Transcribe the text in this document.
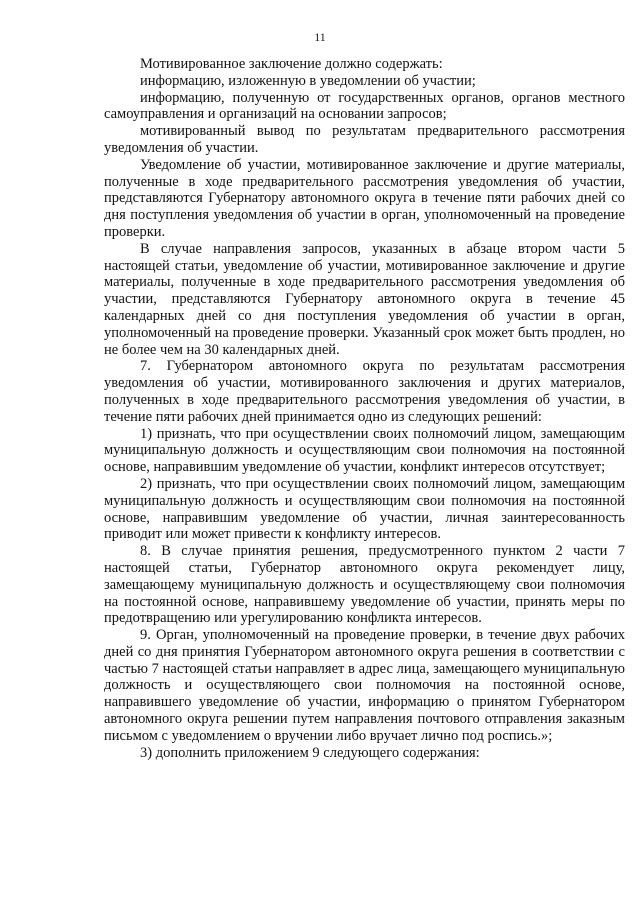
11

Мотивированное заключение должно содержать:

информацию, изложенную в уведомлении об участии;

информацию, полученную от государственных органов, органов местного самоуправления и организаций на основании запросов;

мотивированный вывод по результатам предварительного рассмотрения уведомления об участии.

Уведомление об участии, мотивированное заключение и другие материалы, полученные в ходе предварительного рассмотрения уведомления об участии, представляются Губернатору автономного округа в течение пяти рабочих дней со дня поступления уведомления об участии в орган, уполномоченный на проведение проверки.

В случае направления запросов, указанных в абзаце втором части 5 настоящей статьи, уведомление об участии, мотивированное заключение и другие материалы, полученные в ходе предварительного рассмотрения уведомления об участии, представляются Губернатору автономного округа в течение 45 календарных дней со дня поступления уведомления об участии в орган, уполномоченный на проведение проверки. Указанный срок может быть продлен, но не более чем на 30 календарных дней.

7. Губернатором автономного округа по результатам рассмотрения уведомления об участии, мотивированного заключения и других материалов, полученных в ходе предварительного рассмотрения уведомления об участии, в течение пяти рабочих дней принимается одно из следующих решений:

1) признать, что при осуществлении своих полномочий лицом, замещающим муниципальную должность и осуществляющим свои полномочия на постоянной основе, направившим уведомление об участии, конфликт интересов отсутствует;

2) признать, что при осуществлении своих полномочий лицом, замещающим муниципальную должность и осуществляющим свои полномочия на постоянной основе, направившим уведомление об участии, личная заинтересованность приводит или может привести к конфликту интересов.

8. В случае принятия решения, предусмотренного пунктом 2 части 7 настоящей статьи, Губернатор автономного округа рекомендует лицу, замещающему муниципальную должность и осуществляющему свои полномочия на постоянной основе, направившему уведомление об участии, принять меры по предотвращению или урегулированию конфликта интересов.

9. Орган, уполномоченный на проведение проверки, в течение двух рабочих дней со дня принятия Губернатором автономного округа решения в соответствии с частью 7 настоящей статьи направляет в адрес лица, замещающего муниципальную должность и осуществляющего свои полномочия на постоянной основе, направившего уведомление об участии, информацию о принятом Губернатором автономного округа решении путем направления почтового отправления заказным письмом с уведомлением о вручении либо вручает лично под роспись.»;

3) дополнить приложением 9 следующего содержания:
